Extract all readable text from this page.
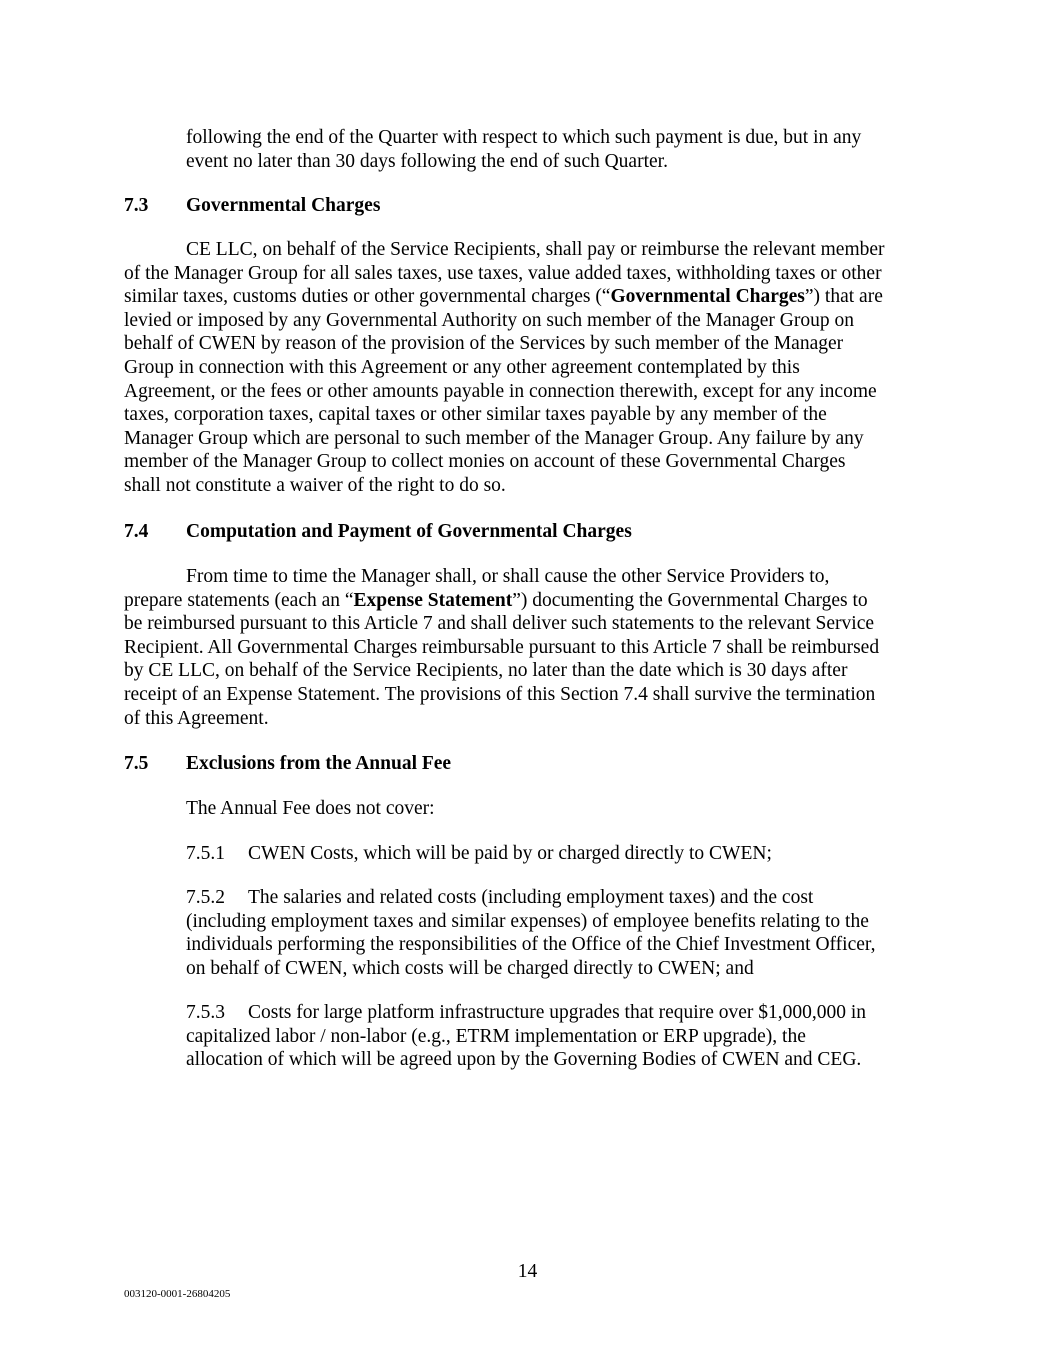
following the end of the Quarter with respect to which such payment is due, but in any
event no later than 30 days following the end of such Quarter.
7.3 Governmental Charges
CE LLC, on behalf of the Service Recipients, shall pay or reimburse the relevant member
of the Manager Group for all sales taxes, use taxes, value added taxes, withholding taxes or other
similar taxes, customs duties or other governmental charges (“Governmental Charges”) that are
levied or imposed by any Governmental Authority on such member of the Manager Group on
behalf of CWEN by reason of the provision of the Services by such member of the Manager
Group in connection with this Agreement or any other agreement contemplated by this
Agreement, or the fees or other amounts payable in connection therewith, except for any income
taxes, corporation taxes, capital taxes or other similar taxes payable by any member of the
Manager Group which are personal to such member of the Manager Group. Any failure by any
member of the Manager Group to collect monies on account of these Governmental Charges
shall not constitute a waiver of the right to do so.
7.4 Computation and Payment of Governmental Charges
From time to time the Manager shall, or shall cause the other Service Providers to,
prepare statements (each an “Expense Statement”) documenting the Governmental Charges to
be reimbursed pursuant to this Article 7 and shall deliver such statements to the relevant Service
Recipient. All Governmental Charges reimbursable pursuant to this Article 7 shall be reimbursed
by CE LLC, on behalf of the Service Recipients, no later than the date which is 30 days after
receipt of an Expense Statement. The provisions of this Section 7.4 shall survive the termination
of this Agreement.
7.5 Exclusions from the Annual Fee
The Annual Fee does not cover:
7.5.1 CWEN Costs, which will be paid by or charged directly to CWEN;
7.5.2 The salaries and related costs (including employment taxes) and the cost
(including employment taxes and similar expenses) of employee benefits relating to the
individuals performing the responsibilities of the Office of the Chief Investment Officer,
on behalf of CWEN, which costs will be charged directly to CWEN; and
7.5.3 Costs for large platform infrastructure upgrades that require over $1,000,000 in
capitalized labor / non-labor (e.g., ETRM implementation or ERP upgrade), the
allocation of which will be agreed upon by the Governing Bodies of CWEN and CEG.
14
003120-0001-26804205
